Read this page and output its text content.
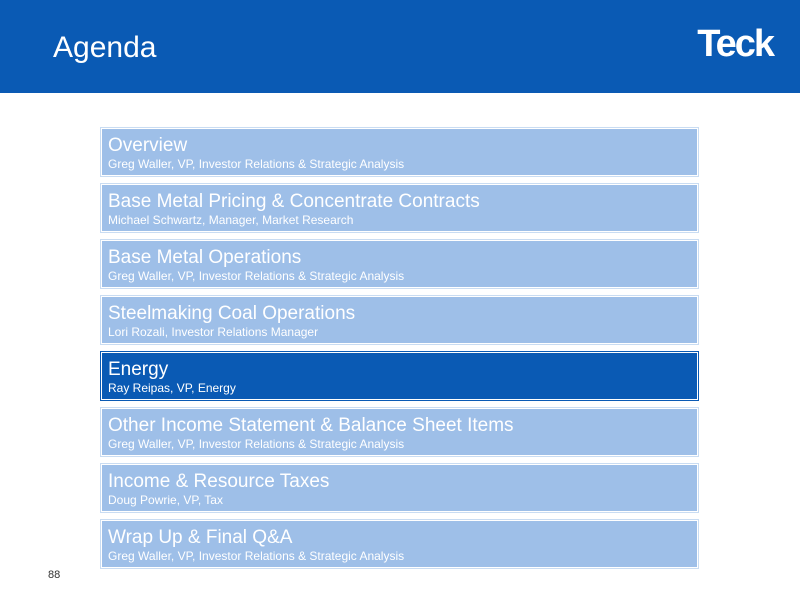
Agenda	Teck
Overview
Greg Waller, VP, Investor Relations & Strategic Analysis
Base Metal Pricing & Concentrate Contracts
Michael Schwartz, Manager, Market Research
Base Metal Operations
Greg Waller, VP, Investor Relations & Strategic Analysis
Steelmaking Coal Operations
Lori Rozali, Investor Relations Manager
Energy
Ray Reipas, VP, Energy
Other Income Statement & Balance Sheet Items
Greg Waller, VP, Investor Relations & Strategic Analysis
Income & Resource Taxes
Doug Powrie, VP, Tax
Wrap Up & Final Q&A
Greg Waller, VP, Investor Relations & Strategic Analysis
88
